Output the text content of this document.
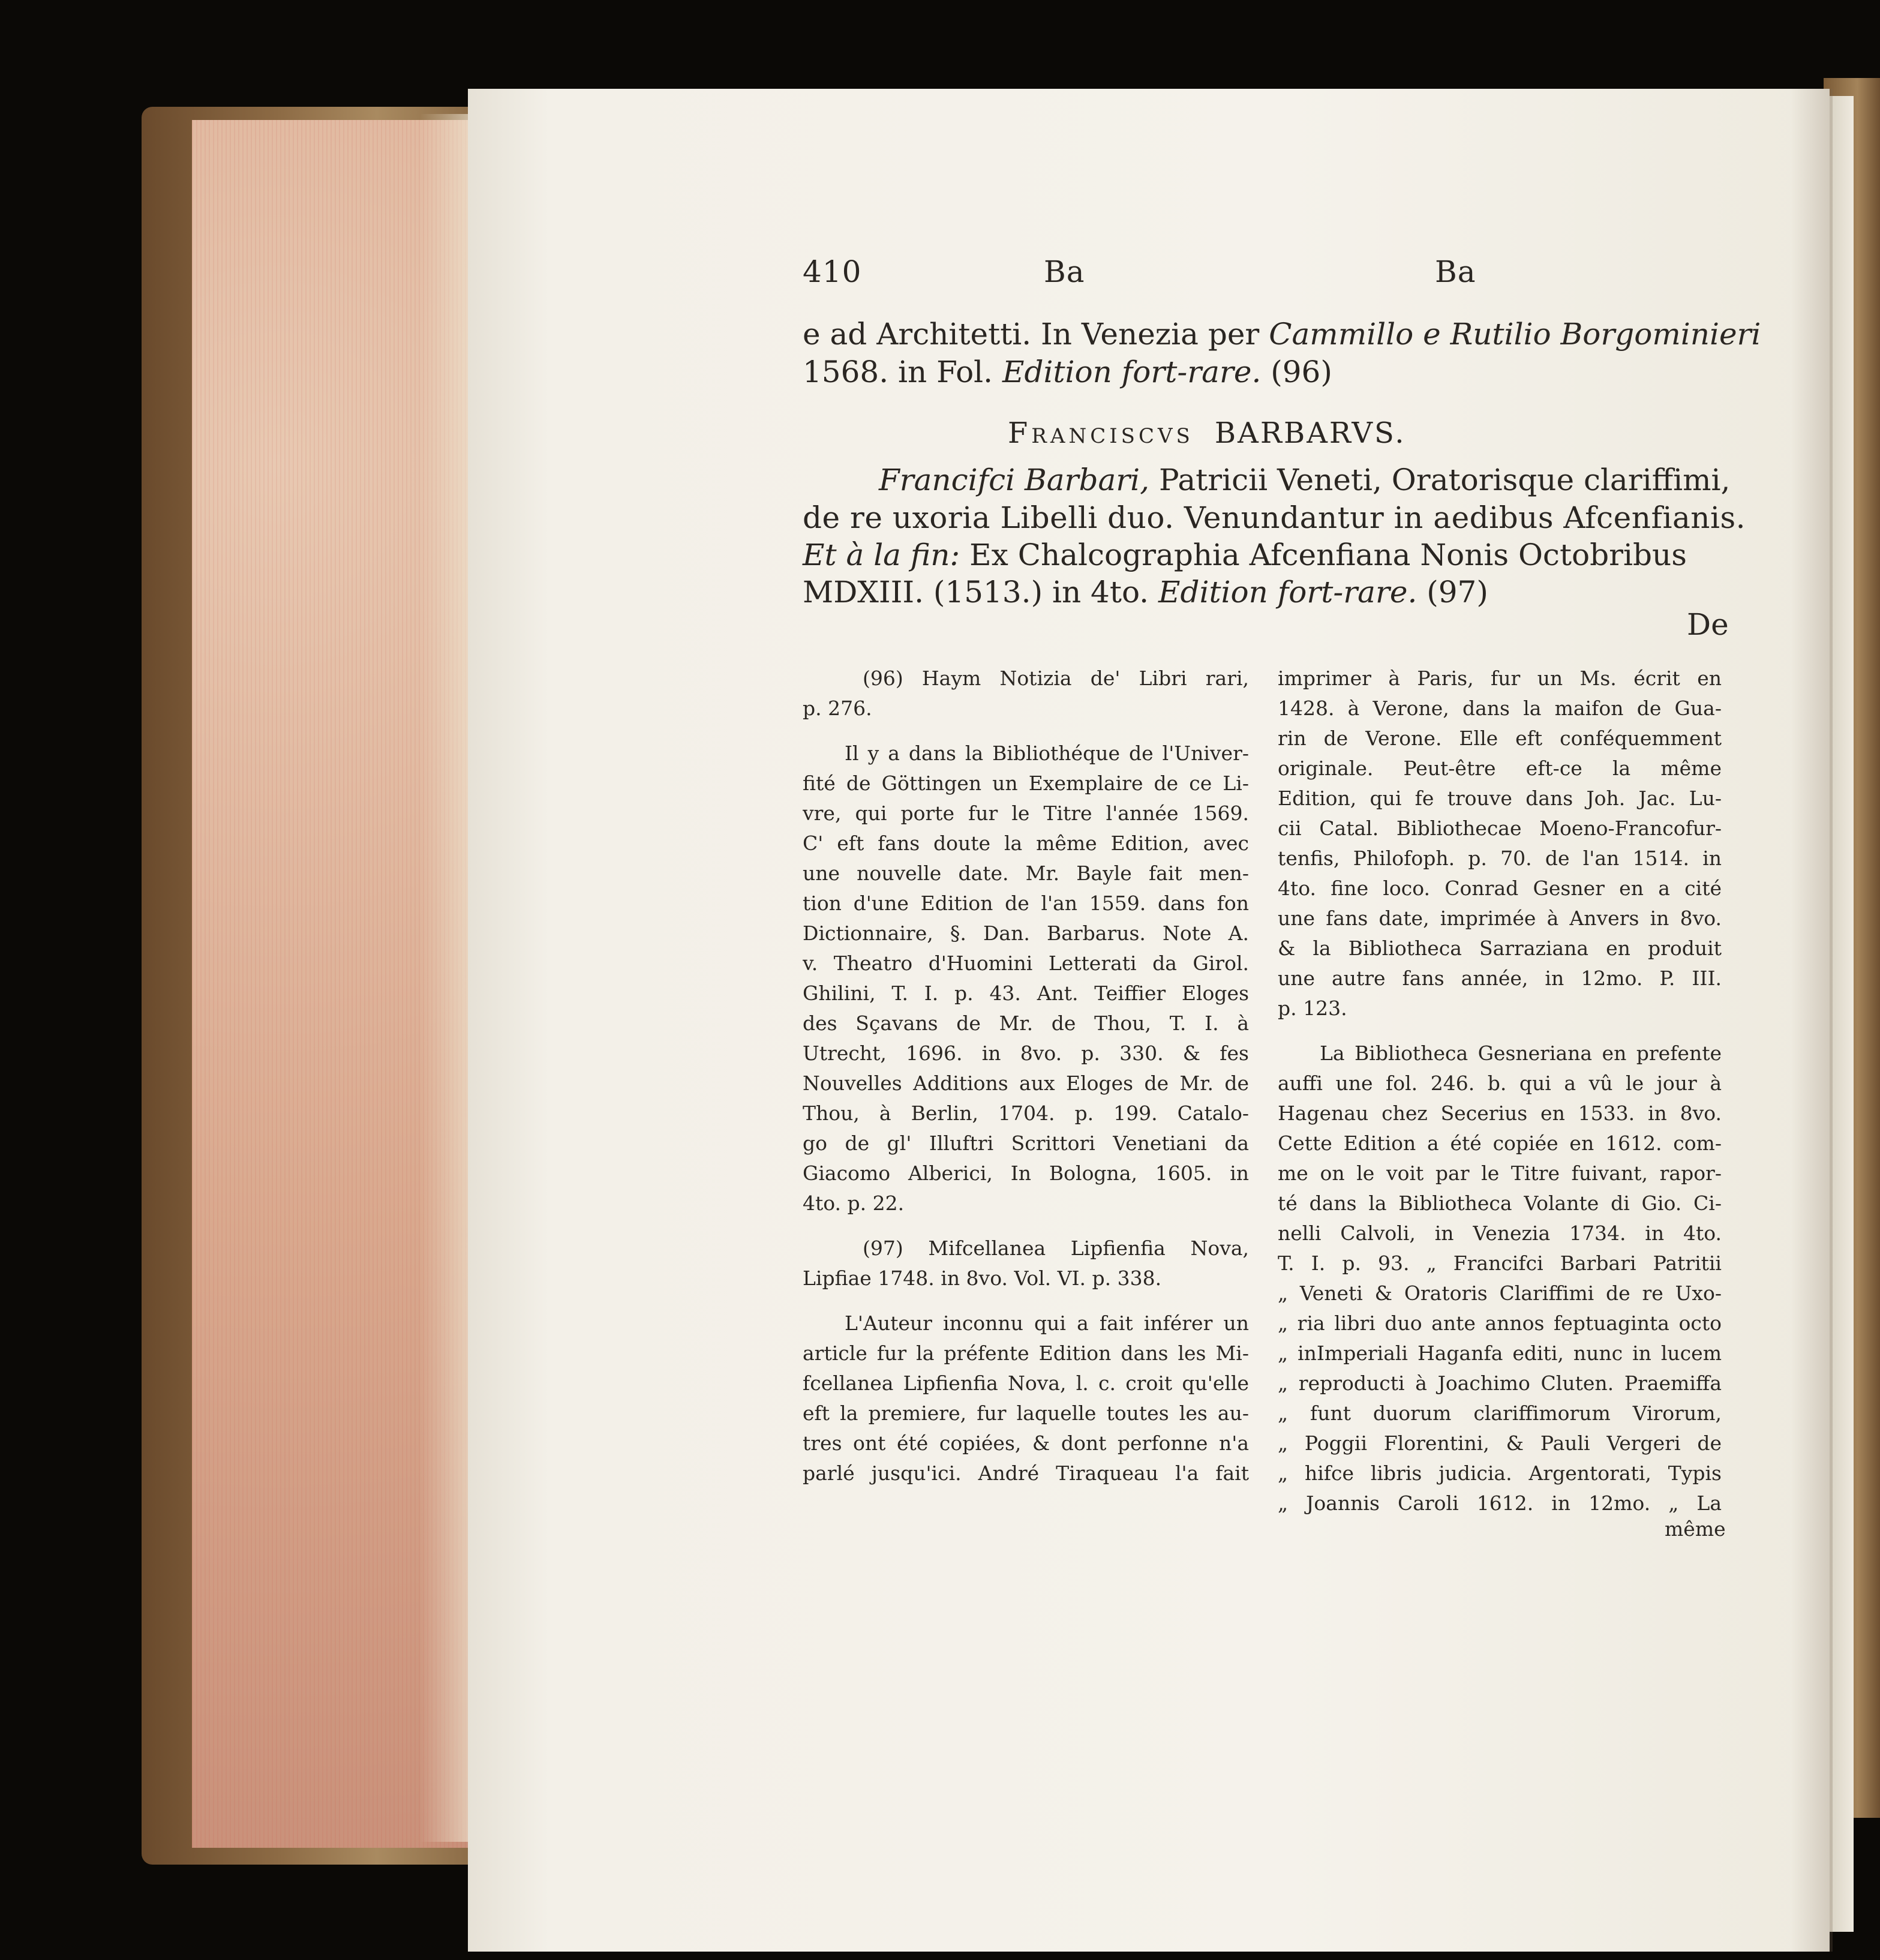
410	Ba	Ba
e ad Architetti. In Venezia per Cammillo e Rutilio Borgominieri
1568. in Fol. Edition fort-rare. (96)
Franciscvs BARBARVS.
Francifci Barbari, Patricii Veneti, Oratorisque clariffimi,
de re uxoria Libelli duo. Venundantur in aedibus Afcenfianis.
Et à la fin: Ex Chalcographia Afcenfiana Nonis Octobribus
MDXIII. (1513.) in 4to. Edition fort-rare. (97)
De
(96) Haym Notizia de' Libri rari,
p. 276.
Il y a dans la Bibliothéque de l'Univer-
fité de Göttingen un Exemplaire de ce Li-
vre, qui porte fur le Titre l'année 1569.
C' eft fans doute la même Edition, avec
une nouvelle date. Mr. Bayle fait men-
tion d'une Edition de l'an 1559. dans fon
Dictionnaire, §. Dan. Barbarus. Note A.
v. Theatro d'Huomini Letterati da Girol.
Ghilini, T. I. p. 43. Ant. Teiffier Eloges
des Sçavans de Mr. de Thou, T. I. à
Utrecht, 1696. in 8vo. p. 330. & fes
Nouvelles Additions aux Eloges de Mr. de
Thou, à Berlin, 1704. p. 199. Catalo-
go de gl' Illuftri Scrittori Venetiani da
Giacomo Alberici, In Bologna, 1605. in
4to. p. 22.
(97) Mifcellanea Lipfienfia Nova,
Lipfiae 1748. in 8vo. Vol. VI. p. 338.
L'Auteur inconnu qui a fait inférer un
article fur la préfente Edition dans les Mi-
fcellanea Lipfienfia Nova, l. c. croit qu'elle
eft la premiere, fur laquelle toutes les au-
tres ont été copiées, & dont perfonne n'a
parlé jusqu'ici. André Tiraqueau l'a fait
imprimer à Paris, fur un Ms. écrit en
1428. à Verone, dans la maifon de Gua-
rin de Verone. Elle eft conféquemment
originale. Peut-être eft-ce la même
Edition, qui fe trouve dans Joh. Jac. Lu-
cii Catal. Bibliothecae Moeno-Francofur-
tenfis, Philofoph. p. 70. de l'an 1514. in
4to. fine loco. Conrad Gesner en a cité
une fans date, imprimée à Anvers in 8vo.
& la Bibliotheca Sarraziana en produit
une autre fans année, in 12mo. P. III.
p. 123.
La Bibliotheca Gesneriana en prefente
auffi une fol. 246. b. qui a vû le jour à
Hagenau chez Secerius en 1533. in 8vo.
Cette Edition a été copiée en 1612. com-
me on le voit par le Titre fuivant, rapor-
té dans la Bibliotheca Volante di Gio. Ci-
nelli Calvoli, in Venezia 1734. in 4to.
T. I. p. 93. „ Francifci Barbari Patritii
„ Veneti & Oratoris Clariffimi de re Uxo-
„ ria libri duo ante annos feptuaginta octo
„ inImperiali Haganfa editi, nunc in lucem
„ reproducti à Joachimo Cluten. Praemiffa
„ funt duorum clariffimorum Virorum,
„ Poggii Florentini, & Pauli Vergeri de
„ hifce libris judicia. Argentorati, Typis
„ Joannis Caroli 1612. in 12mo. „ La
même
